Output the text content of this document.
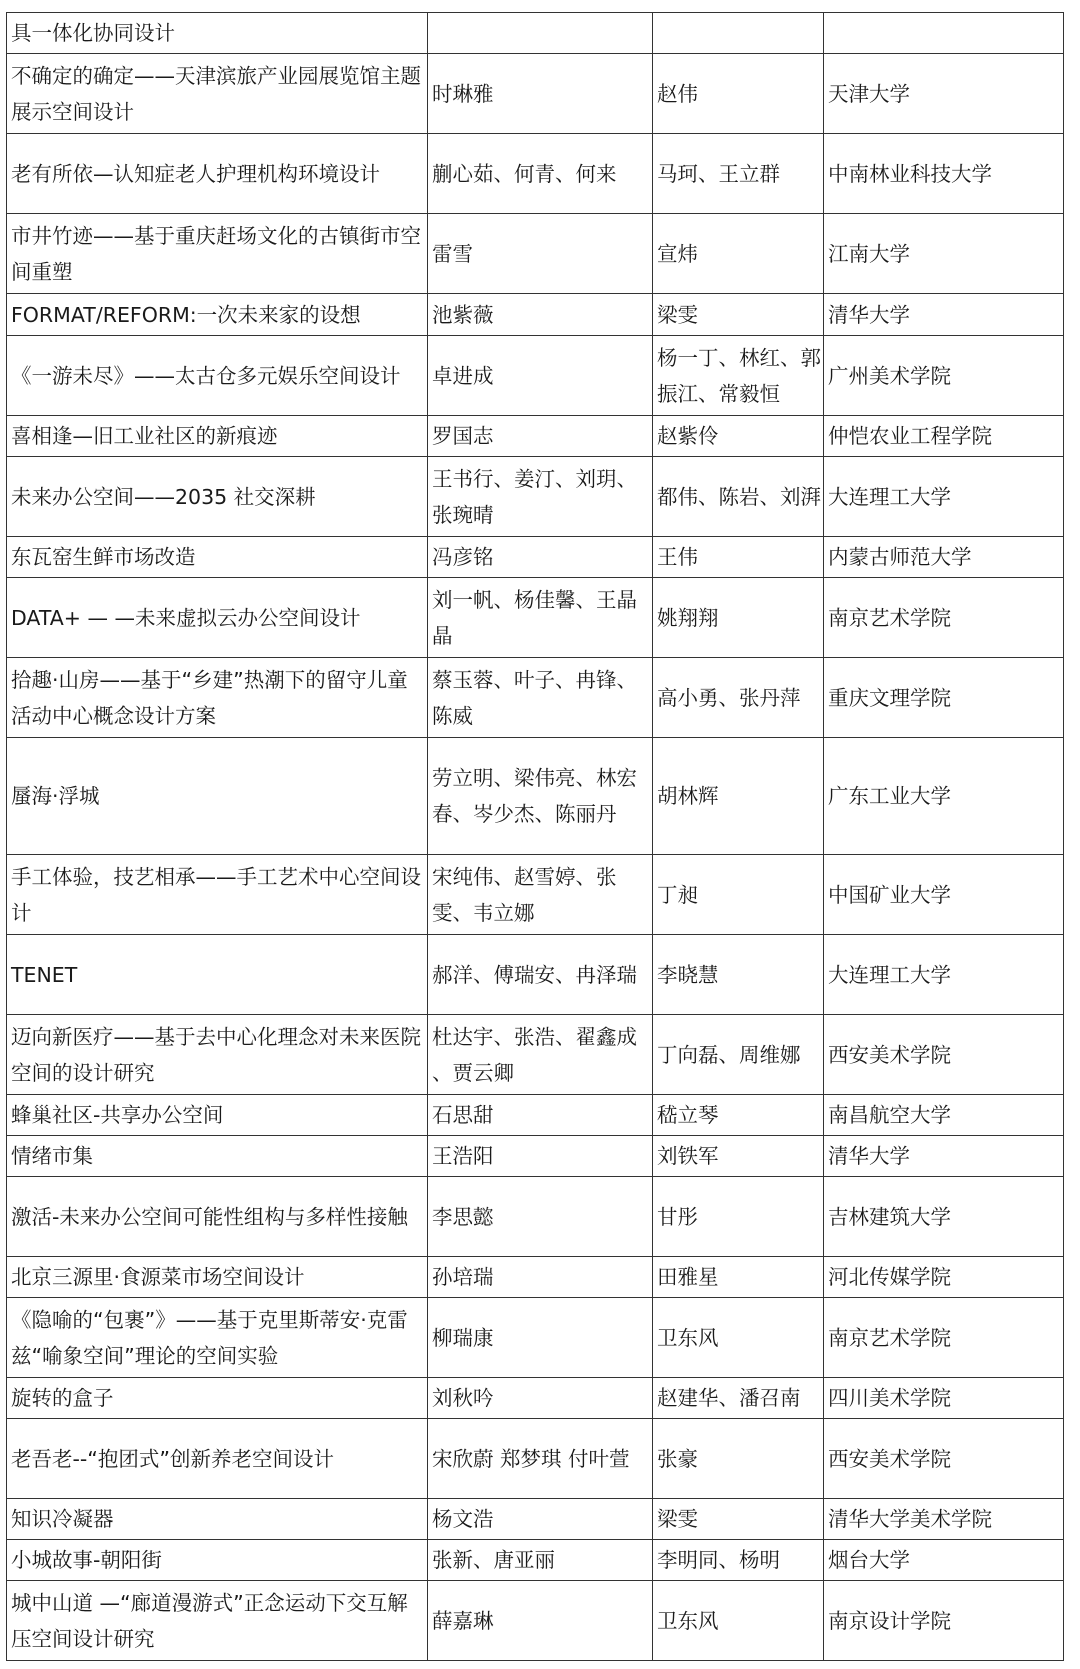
具一体化协同设计			
不确定的确定——天津滨旅产业园展览馆主题展示空间设计	时琳雅	赵伟	天津大学
老有所依—认知症老人护理机构环境设计	蒯心茹、何青、何来	马珂、王立群	中南林业科技大学
市井竹迹——基于重庆赶场文化的古镇街市空间重塑	雷雪	宣炜	江南大学
FORMAT/REFORM:一次未来家的设想	池紫薇	梁雯	清华大学
《一游未尽》——太古仓多元娱乐空间设计	卓进成	杨一丁、林红、郭振江、常毅恒	广州美术学院
喜相逢—旧工业社区的新痕迹	罗国志	赵紫伶	仲恺农业工程学院
未来办公空间——2035 社交深耕	王书行、姜汀、刘玥、张琬晴	都伟、陈岩、刘湃	大连理工大学
东瓦窑生鲜市场改造	冯彦铭	王伟	内蒙古师范大学
DATA+ — —未来虚拟云办公空间设计	刘一帆、杨佳馨、王晶晶	姚翔翔	南京艺术学院
拾趣·山房——基于“乡建”热潮下的留守儿童活动中心概念设计方案	蔡玉蓉、叶子、冉锋、陈威	高小勇、张丹萍	重庆文理学院
蜃海·浮城	劳立明、梁伟亮、林宏春、岑少杰、陈丽丹	胡林辉	广东工业大学
手工体验，技艺相承——手工艺术中心空间设计	宋纯伟、赵雪婷、张雯、韦立娜	丁昶	中国矿业大学
TENET	郝洋、傅瑞安、冉泽瑞	李晓慧	大连理工大学
迈向新医疗——基于去中心化理念对未来医院空间的设计研究	杜达宇、张浩、翟鑫成 、贾云卿	丁向磊、周维娜	西安美术学院
蜂巢社区-共享办公空间	石思甜	嵇立琴	南昌航空大学
情绪市集	王浩阳	刘铁军	清华大学
激活-未来办公空间可能性组构与多样性接触	李思懿	甘彤	吉林建筑大学
北京三源里·食源菜市场空间设计	孙培瑞	田雅星	河北传媒学院
《隐喻的“包裹”》——基于克里斯蒂安·克雷兹“喻象空间”理论的空间实验	柳瑞康	卫东风	南京艺术学院
旋转的盒子	刘秋吟	赵建华、潘召南	四川美术学院
老吾老--“抱团式”创新养老空间设计	宋欣蔚 郑梦琪 付叶萱	张豪	西安美术学院
知识冷凝器	杨文浩	梁雯	清华大学美术学院
小城故事-朝阳街	张新、唐亚丽	李明同、杨明	烟台大学
城中山道 —“廊道漫游式”正念运动下交互解压空间设计研究	薛嘉琳	卫东风	南京设计学院
